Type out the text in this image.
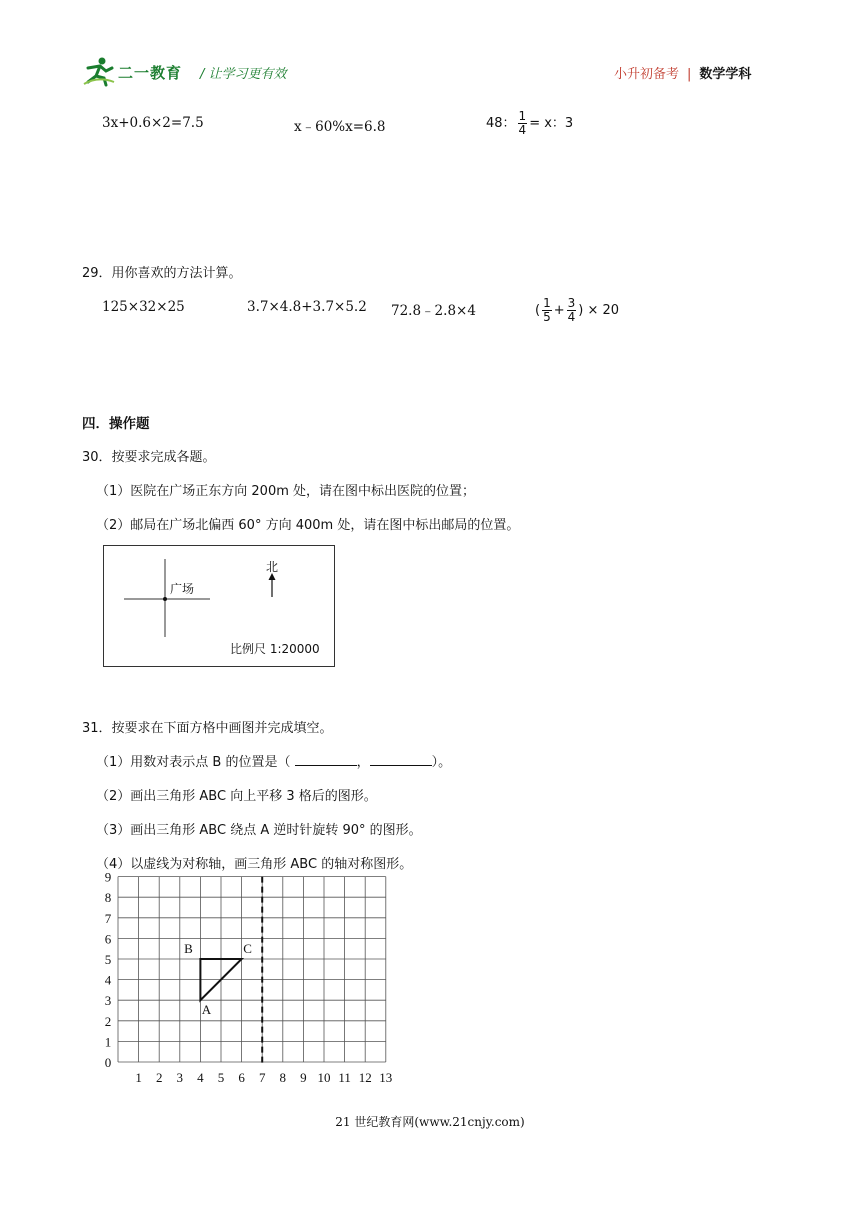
二一教育 / 让学习更有效	小升初备考 | 数学学科
3x+0.6×2=7.5	x﹣60%x=6.8	48： $\frac{1}{4} = x$：3
29．用你喜欢的方法计算。
125×32×25	3.7×4.8+3.7×5.2 72.8﹣2.8×4	( $\frac{1}{5} + \frac{3}{4}$ ) × 20
四．操作题
30．按要求完成各题。
（1）医院在广场正东方向 200m 处，请在图中标出医院的位置；
（2）邮局在广场北偏西 60° 方向 400m 处，请在图中标出邮局的位置。
广场
北
比例尺 1:20000
31．按要求在下面方格中画图并完成填空。
（1）用数对表示点 B 的位置是（	，	）。
（2）画出三角形 ABC 向上平移 3 格后的图形。
（3）画出三角形 ABC 绕点 A 逆时针旋转 90° 的图形。
（4）以虚线为对称轴，画三角形 ABC 的轴对称图形。
1 2 3 4 5 6 7 8 9 10 11 12 13
0
1
2
3
4
5
6
7
8
9
A
B	C
21 世纪教育网(www.21cnjy.com)
